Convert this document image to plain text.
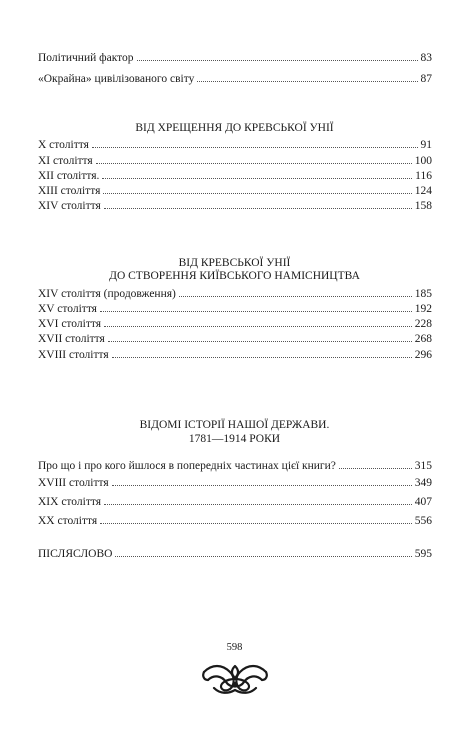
Політичний фактор	83
«Окрайна» цивілізованого світу	87
ВІД ХРЕЩЕННЯ ДО КРЕВСЬКОЇ УНІЇ
Х століття	91
ХІ століття	100
ХІІ століття.	116
ХІІІ століття	124
ХІV століття	158
ВІД КРЕВСЬКОЇ УНІЇ
ДО СТВОРЕННЯ КИЇВСЬКОГО НАМІСНИЦТВА
ХІV століття (продовження)	185
ХV століття	192
ХVІ століття	228
ХVІІ століття	268
ХVІІІ століття	296
ВІДОМІ ІСТОРІЇ НАШОЇ ДЕРЖАВИ.
1781—1914 РОКИ
Про що і про кого йшлося в попередніх частинах цієї книги?	315
ХVІІІ століття	349
ХІХ століття	407
ХХ століття	556
ПІСЛЯСЛОВО	595
598
